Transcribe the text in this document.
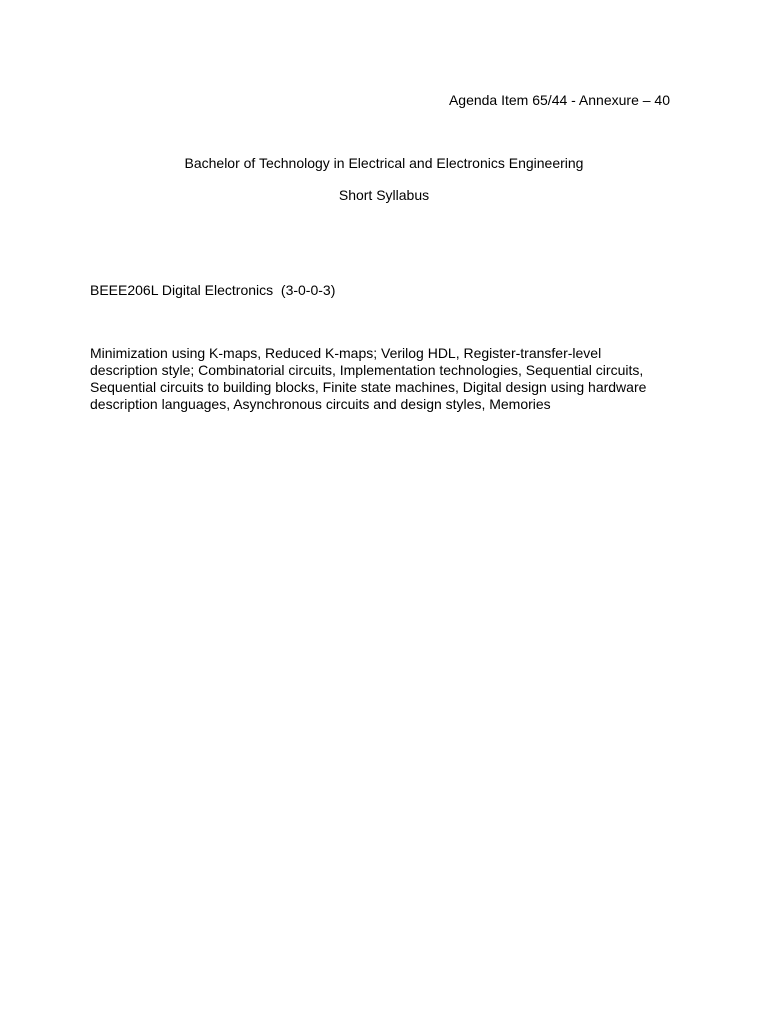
Agenda Item 65/44 - Annexure – 40
Bachelor of Technology in Electrical and Electronics Engineering
Short Syllabus
BEEE206L Digital Electronics  (3-0-0-3)
Minimization using K-maps, Reduced K-maps; Verilog HDL, Register-transfer-level
description style; Combinatorial circuits, Implementation technologies, Sequential circuits,
Sequential circuits to building blocks, Finite state machines, Digital design using hardware
description languages, Asynchronous circuits and design styles, Memories
